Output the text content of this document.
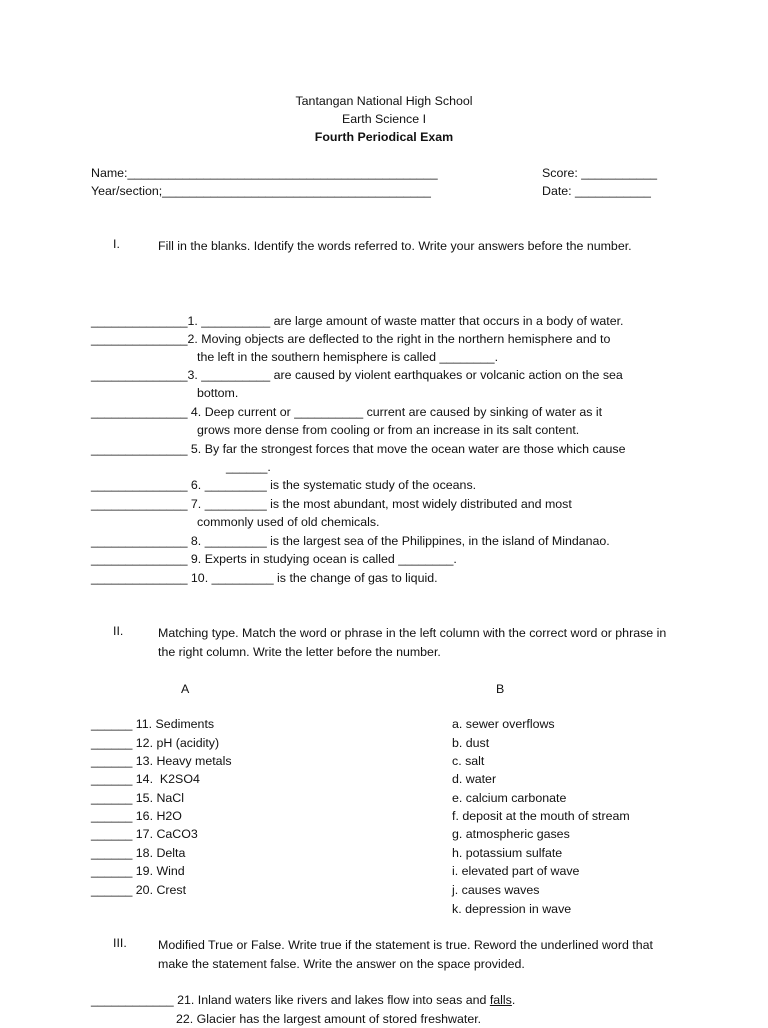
Tantangan National High School
Earth Science I
Fourth Periodical Exam
Name:_____________________________________________
Year/section;_______________________________________
Score: ___________
Date: ___________
I.	Fill in the blanks. Identify the words referred to. Write your answers before the number.
______________1. __________ are large amount of waste matter that occurs in a body of water.
______________2. Moving objects are deflected to the right in the northern hemisphere and to
the left in the southern hemisphere is called ________.
______________3. __________ are caused by violent earthquakes or volcanic action on the sea
bottom.
______________ 4. Deep current or __________ current are caused by sinking of water as it
grows more dense from cooling or from an increase in its salt content.
______________ 5. By far the strongest forces that move the ocean water are those which cause
______.
______________ 6. _________ is the systematic study of the oceans.
______________ 7. _________ is the most abundant, most widely distributed and most
commonly used of old chemicals.
______________ 8. _________ is the largest sea of the Philippines, in the island of Mindanao.
______________ 9. Experts in studying ocean is called ________.
______________ 10. _________ is the change of gas to liquid.
II.	Matching type. Match the word or phrase in the left column with the correct word or phrase in the right column. Write the letter before the number.
A	B
______ 11. Sediments
______ 12. pH (acidity)
______ 13. Heavy metals
______ 14.  K2SO4
______ 15. NaCl
______ 16. H2O
______ 17. CaCO3
______ 18. Delta
______ 19. Wind
______ 20. Crest
a. sewer overflows
b. dust
c. salt
d. water
e. calcium carbonate
f. deposit at the mouth of stream
g. atmospheric gases
h. potassium sulfate
i. elevated part of wave
j. causes waves
k. depression in wave
III.	Modified True or False. Write true if the statement is true. Reword the underlined word that make the statement false. Write the answer on the space provided.
____________ 21. Inland waters like rivers and lakes flow into seas and falls.
22. Glacier has the largest amount of stored freshwater.
